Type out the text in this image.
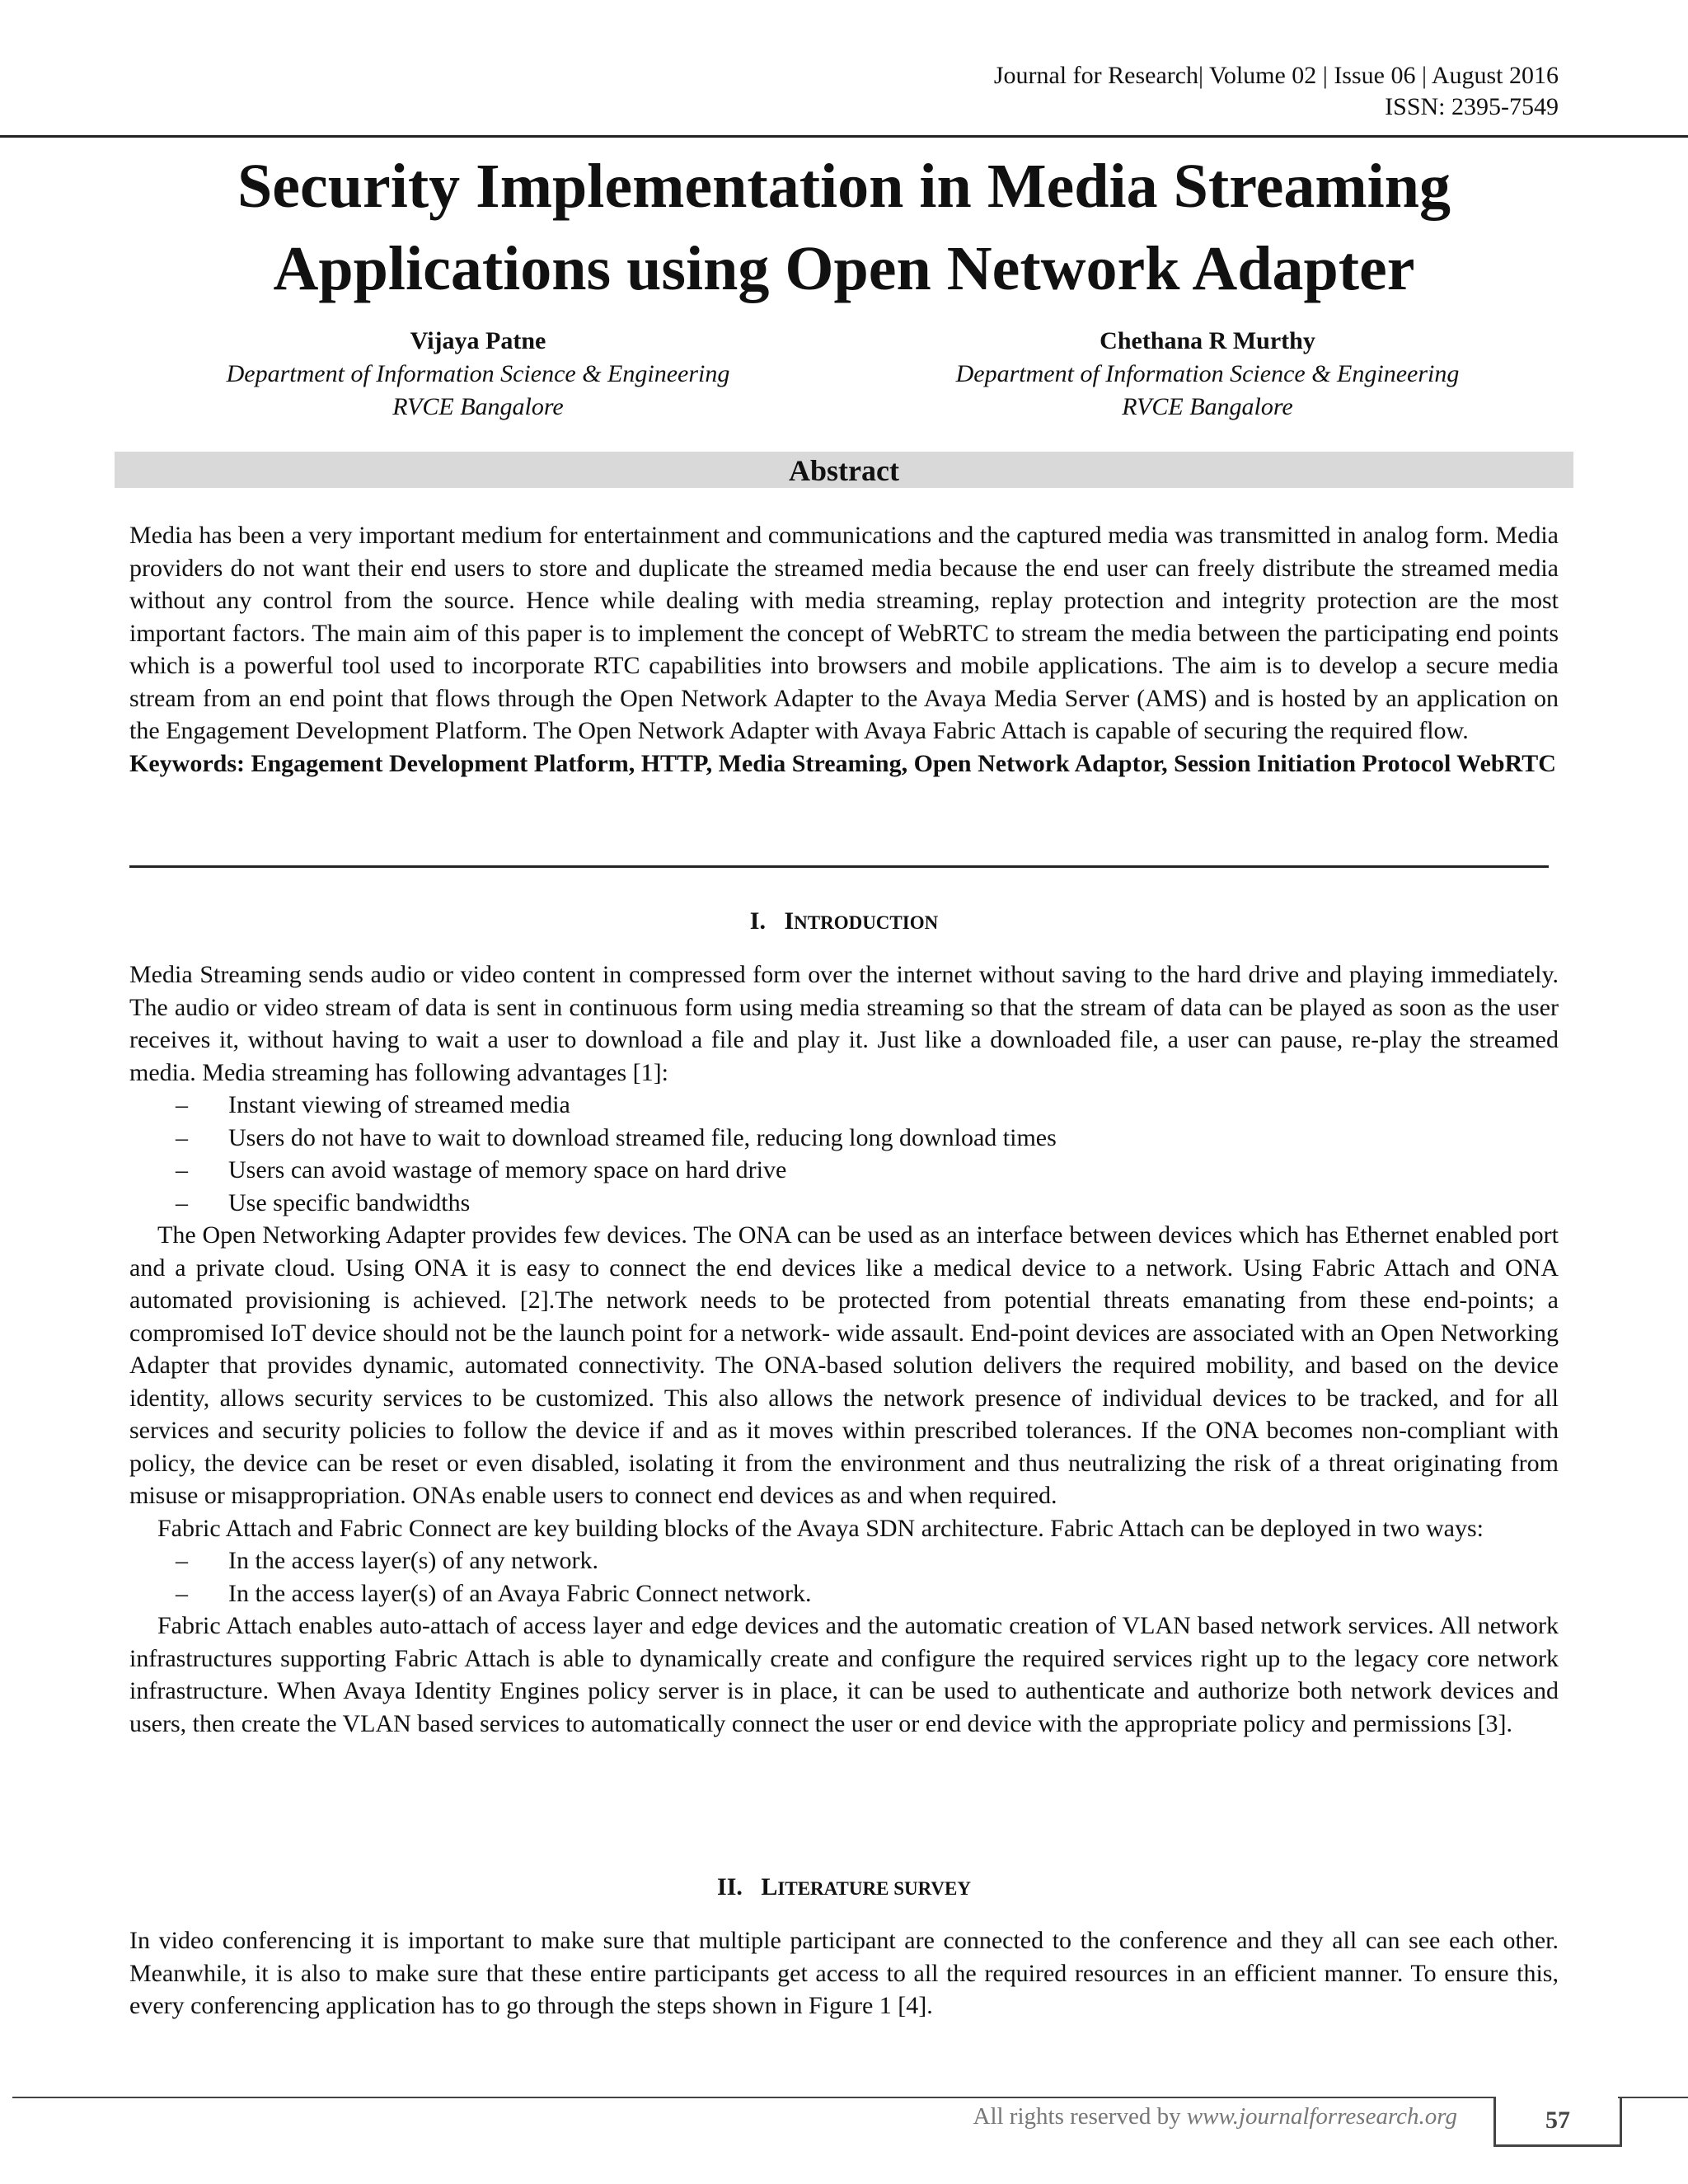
Journal for Research| Volume 02 | Issue 06 | August 2016
ISSN: 2395-7549
Security Implementation in Media Streaming
Applications using Open Network Adapter
Vijaya Patne
Department of Information Science & Engineering
RVCE Bangalore
Chethana R Murthy
Department of Information Science & Engineering
RVCE Bangalore
Abstract

Media has been a very important medium for entertainment and communications and the captured media was transmitted in analog form. Media providers do not want their end users to store and duplicate the streamed media because the end user can freely distribute the streamed media without any control from the source. Hence while dealing with media streaming, replay protection and integrity protection are the most important factors. The main aim of this paper is to implement the concept of WebRTC to stream the media between the participating end points which is a powerful tool used to incorporate RTC capabilities into browsers and mobile applications. The aim is to develop a secure media stream from an end point that flows through the Open Network Adapter to the Avaya Media Server (AMS) and is hosted by an application on the Engagement Development Platform. The Open Network Adapter with Avaya Fabric Attach is capable of securing the required flow.

Keywords: Engagement Development Platform, HTTP, Media Streaming, Open Network Adaptor, Session Initiation Protocol WebRTC

I. INTRODUCTION

Media Streaming sends audio or video content in compressed form over the internet without saving to the hard drive and playing immediately. The audio or video stream of data is sent in continuous form using media streaming so that the stream of data can be played as soon as the user receives it, without having to wait a user to download a file and play it. Just like a downloaded file, a user can pause, re-play the streamed media. Media streaming has following advantages [1]:

– Instant viewing of streamed media
– Users do not have to wait to download streamed file, reducing long download times
– Users can avoid wastage of memory space on hard drive
– Use specific bandwidths

The Open Networking Adapter provides few devices. The ONA can be used as an interface between devices which has Ethernet enabled port and a private cloud. Using ONA it is easy to connect the end devices like a medical device to a network. Using Fabric Attach and ONA automated provisioning is achieved. [2].The network needs to be protected from potential threats emanating from these end-points; a compromised IoT device should not be the launch point for a network- wide assault. End-point devices are associated with an Open Networking Adapter that provides dynamic, automated connectivity. The ONA-based solution delivers the required mobility, and based on the device identity, allows security services to be customized. This also allows the network presence of individual devices to be tracked, and for all services and security policies to follow the device if and as it moves within prescribed tolerances. If the ONA becomes non-compliant with policy, the device can be reset or even disabled, isolating it from the environment and thus neutralizing the risk of a threat originating from misuse or misappropriation. ONAs enable users to connect end devices as and when required.

Fabric Attach and Fabric Connect are key building blocks of the Avaya SDN architecture. Fabric Attach can be deployed in two ways:

– In the access layer(s) of any network.
– In the access layer(s) of an Avaya Fabric Connect network.

Fabric Attach enables auto-attach of access layer and edge devices and the automatic creation of VLAN based network services. All network infrastructures supporting Fabric Attach is able to dynamically create and configure the required services right up to the legacy core network infrastructure. When Avaya Identity Engines policy server is in place, it can be used to authenticate and authorize both network devices and users, then create the VLAN based services to automatically connect the user or end device with the appropriate policy and permissions [3].

II. LITERATURE SURVEY

In video conferencing it is important to make sure that multiple participant are connected to the conference and they all can see each other. Meanwhile, it is also to make sure that these entire participants get access to all the required resources in an efficient manner. To ensure this, every conferencing application has to go through the steps shown in Figure 1 [4].

All rights reserved by www.journalforresearch.org	57
